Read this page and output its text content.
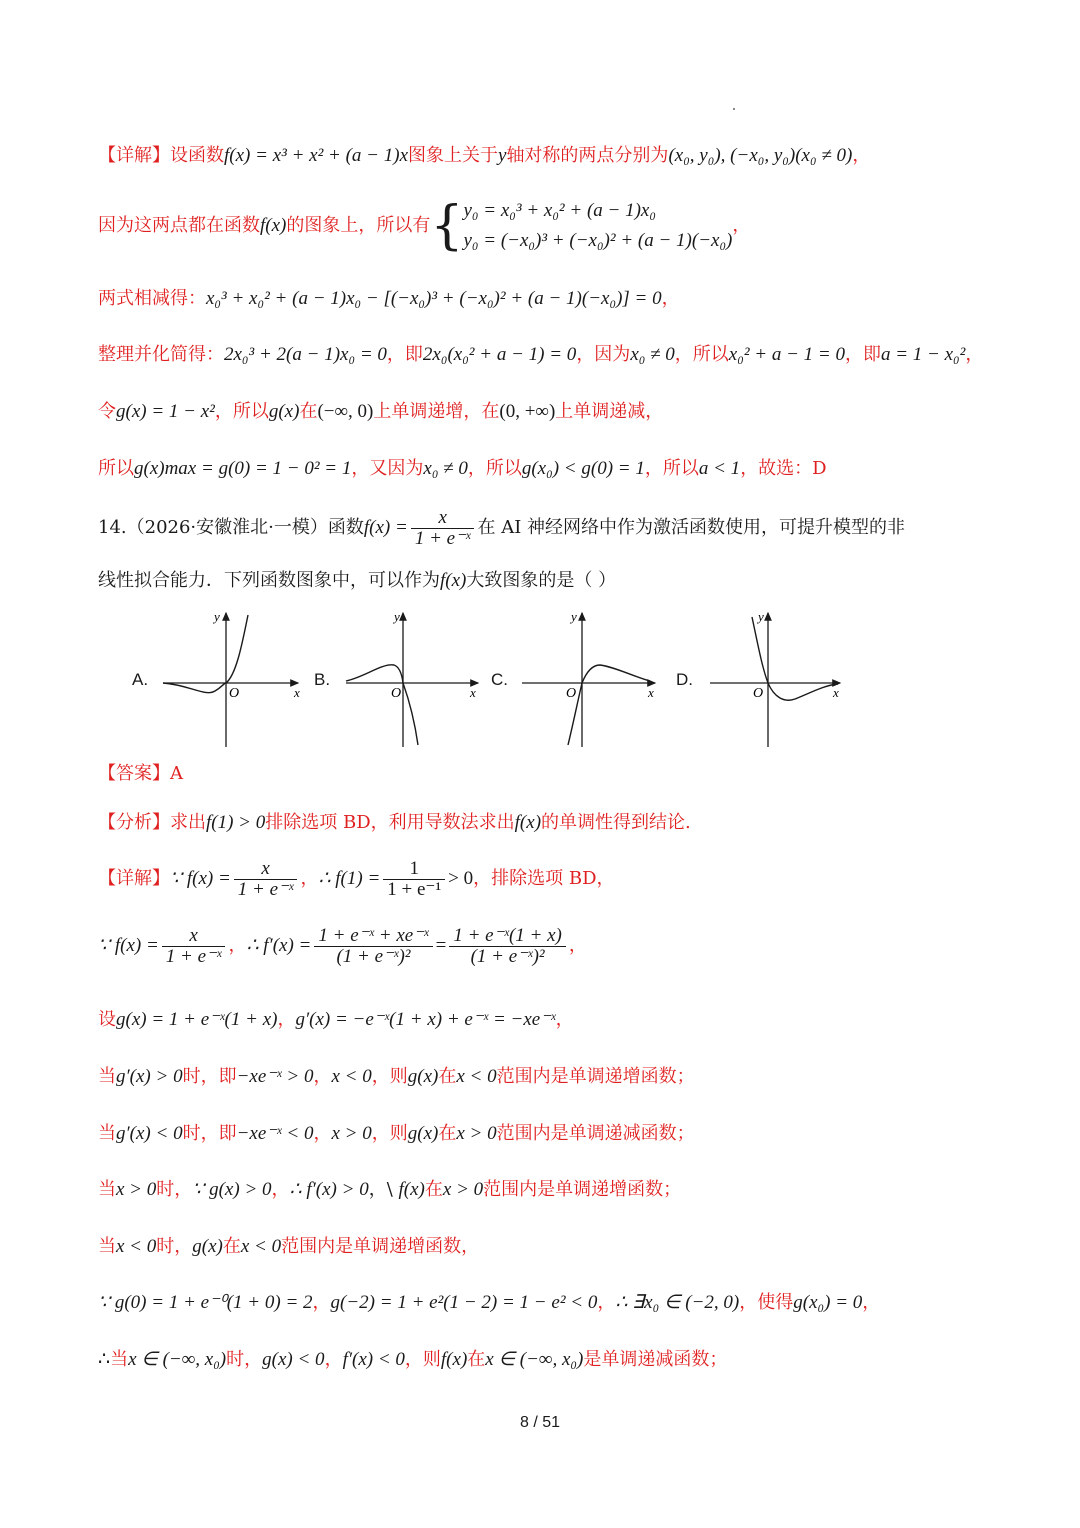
【详解】设函数f(x) = x³ + x² + (a − 1)x图象上关于y轴对称的两点分别为(x₀, y₀), (−x₀, y₀)(x₀ ≠ 0)，
因为这两点都在函数f(x)的图象上，所以有{ y₀ = x₀³ + x₀² + (a − 1)x₀
y₀ = (−x₀)³ + (−x₀)² + (a − 1)(−x₀)
，
两式相减得：x₀³ + x₀² + (a − 1)x₀ − [(−x₀)³ + (−x₀)² + (a − 1)(−x₀)] = 0，
整理并化简得：2x₀³ + 2(a − 1)x₀ = 0，即2x₀(x₀² + a − 1) = 0，因为x₀ ≠ 0，所以x₀² + a − 1 = 0，即a = 1 − x₀²，
令g(x) = 1 − x²，所以g(x)在(−∞, 0)上单调递增，在(0, +∞)上单调递减，
所以g(x)max = g(0) = 1 − 0² = 1，又因为x₀ ≠ 0，所以g(x₀) < g(0) = 1，所以a < 1，故选：D
14.（2026·安徽淮北·一模）函数$f(x) = \frac{x}{\text{1 + e⁻ˣ}}$ 在 AI 神经网络中作为激活函数使用，可提升模型的非
线性拟合能力．下列函数图象中，可以作为f(x)大致图象的是（ ）
A.	B.	C.	D.
y
x
O
y
x
O
y
x
O
y
x
O
【答案】A
【分析】求出f(1) > 0排除选项 BD，利用导数法求出f(x)的单调性得到结论.
【详解】∵ $f(x) = \frac{x}{\text{1 + e⁻ˣ}}$ ，∴ $f(1) = \frac{1}{\text{1 + e⁻¹}} > 0$，排除选项 BD，
∵ $f(x) = \frac{x}{\text{1 + e⁻ˣ}}$ ，∴ $f'(x) = \frac{\text{1 + e⁻ˣ + xe⁻ˣ}}{\text{(1 + e⁻ˣ)²}} = \frac{\text{1 + e⁻ˣ(1 + x)}}{\text{(1 + e⁻ˣ)²}}$ ，
设g(x) = 1 + e⁻ˣ(1 + x)，g′(x) = −e⁻ˣ(1 + x) + e⁻ˣ = −xe⁻ˣ，
当g′(x) > 0时，即−xe⁻ˣ > 0，x < 0，则g(x)在x < 0范围内是单调递增函数；
当g′(x) < 0时，即−xe⁻ˣ < 0，x > 0，则g(x)在x > 0范围内是单调递减函数；
当x > 0时，∵ g(x) > 0，∴ f′(x) > 0，\ f(x)在x > 0范围内是单调递增函数；
当x < 0时，g(x)在x < 0范围内是单调递增函数，
∵ g(0) = 1 + e⁻⁰(1 + 0) = 2，g(−2) = 1 + e²(1 − 2) = 1 − e² < 0，∴ ∃x₀ ∈ (−2, 0)，使得g(x₀) = 0，
∴当x ∈ (−∞, x₀)时，g(x) < 0，f′(x) < 0，则f(x)在x ∈ (−∞, x₀)是单调递减函数；
8 / 51
